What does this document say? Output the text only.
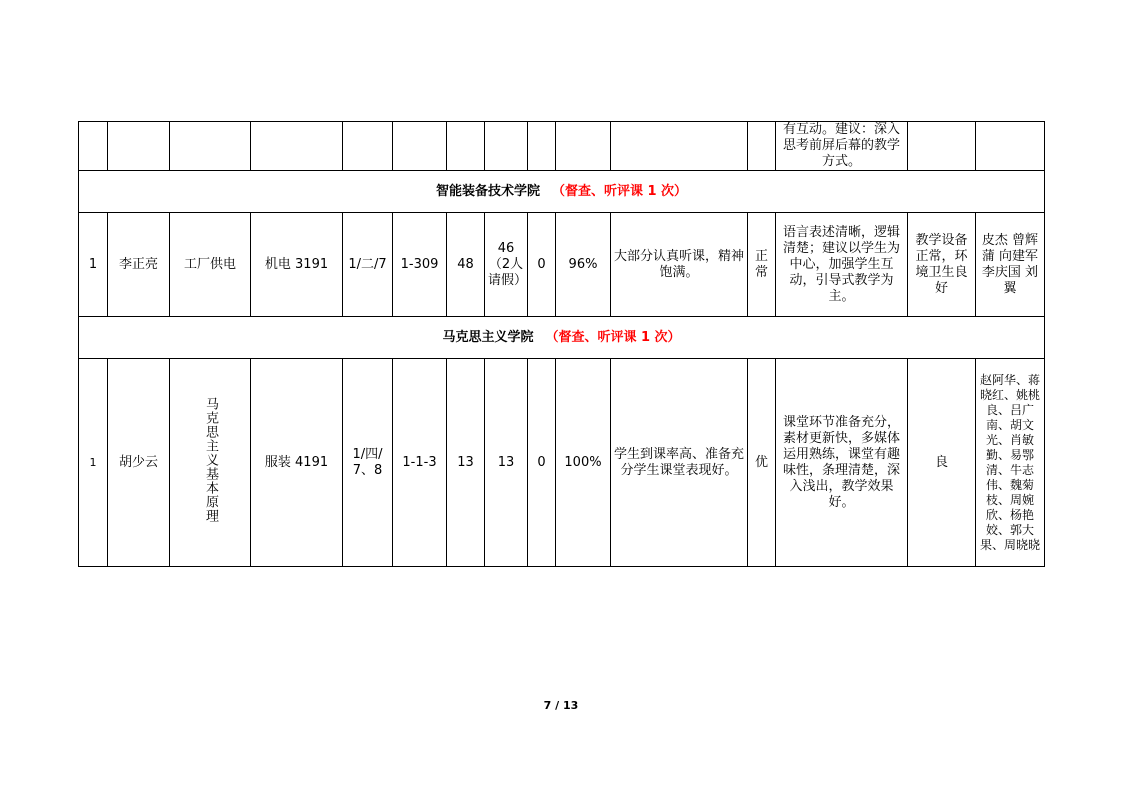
												有互动。建议：深入思考前屏后幕的教学方式。		
智能装备技术学院 （督查、听评课 1 次）														
1	李正亮	工厂供电	机电 3191	1/二/7	1-309	48	46（2人请假）	0	96%	大部分认真听课，精神饱满。	正常	语言表述清晰，逻辑清楚；建议以学生为中心，加强学生互动，引导式教学为主。	教学设备正常，环境卫生良好	皮杰 曾辉蒲 向建军 李庆国 刘翼
马克思主义学院 （督查、听评课 1 次）														
1	胡少云	马克思主义基本原理	服装 4191	1/四/7、8	1-1-3	13	13	0	100%	学生到课率高、准备充分学生课堂表现好。	优	课堂环节准备充分，素材更新快，多媒体运用熟练，课堂有趣味性，条理清楚，深入浅出，教学效果好。	良	赵阿华、蒋晓红、姚桃良、吕广南、胡文光、肖敏勤、易鄂清、牛志伟、魏菊枝、周婉欣、杨艳姣、郭大果、周晓晓
7 / 13
